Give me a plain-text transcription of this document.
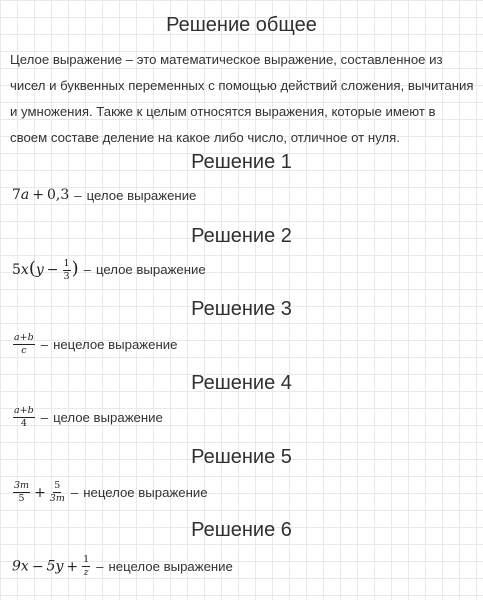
Решение общее

Целое выражение – это математическое выражение, составленное из чисел и буквенных переменных с помощью действий сложения, вычитания и умножения. Также к целым относятся выражения, которые имеют в своем составе деление на какое либо число, отличное от нуля.

Решение 1
7a + 0,3 – целое выражение
Решение 2
$5x(y - \frac{1}{3}$ ) – целое выражение
Решение 3
$\frac{a+b}{c}$ – нецелое выражение
Решение 4
$\frac{a+b}{4}$ – целое выражение
Решение 5
$\frac{3m}{5} + \frac{5}{3m}$ – нецелое выражение
Решение 6
$9x - 5y + \frac{1}{z}$ – нецелое выражение
